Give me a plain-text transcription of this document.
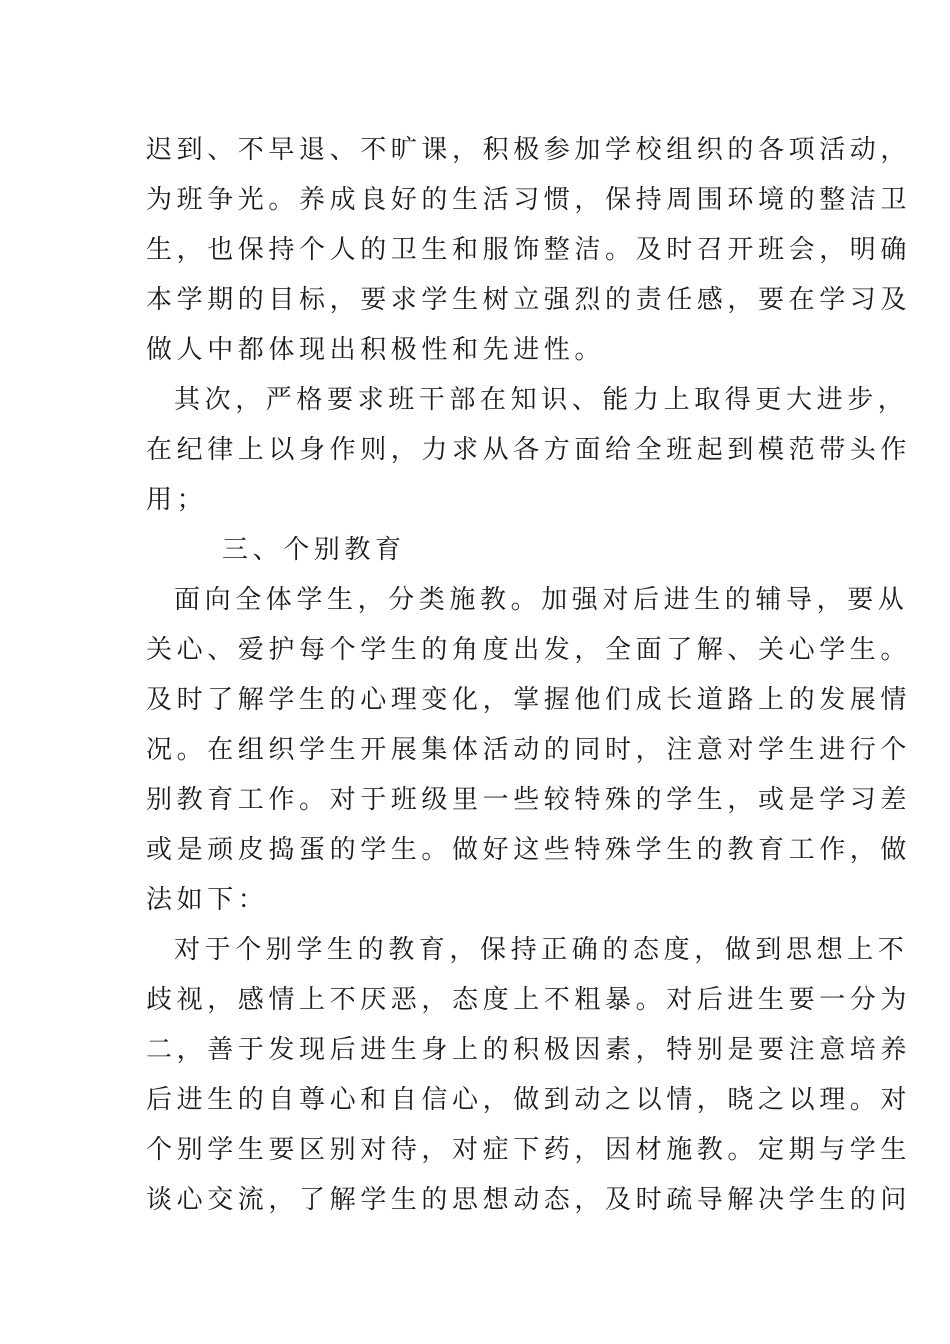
迟到、不早退、不旷课，积极参加学校组织的各项活动，
为班争光。养成良好的生活习惯，保持周围环境的整洁卫
生，也保持个人的卫生和服饰整洁。及时召开班会，明确
本学期的目标，要求学生树立强烈的责任感，要在学习及
做人中都体现出积极性和先进性。
其次，严格要求班干部在知识、能力上取得更大进步，
在纪律上以身作则，力求从各方面给全班起到模范带头作
用；
三、个别教育
面向全体学生，分类施教。加强对后进生的辅导，要从
关心、爱护每个学生的角度出发，全面了解、关心学生。
及时了解学生的心理变化，掌握他们成长道路上的发展情
况。在组织学生开展集体活动的同时，注意对学生进行个
别教育工作。对于班级里一些较特殊的学生，或是学习差
或是顽皮捣蛋的学生。做好这些特殊学生的教育工作，做
法如下：
对于个别学生的教育，保持正确的态度，做到思想上不
歧视，感情上不厌恶，态度上不粗暴。对后进生要一分为
二，善于发现后进生身上的积极因素，特别是要注意培养
后进生的自尊心和自信心，做到动之以情，晓之以理。对
个别学生要区别对待，对症下药，因材施教。定期与学生
谈心交流，了解学生的思想动态，及时疏导解决学生的问
